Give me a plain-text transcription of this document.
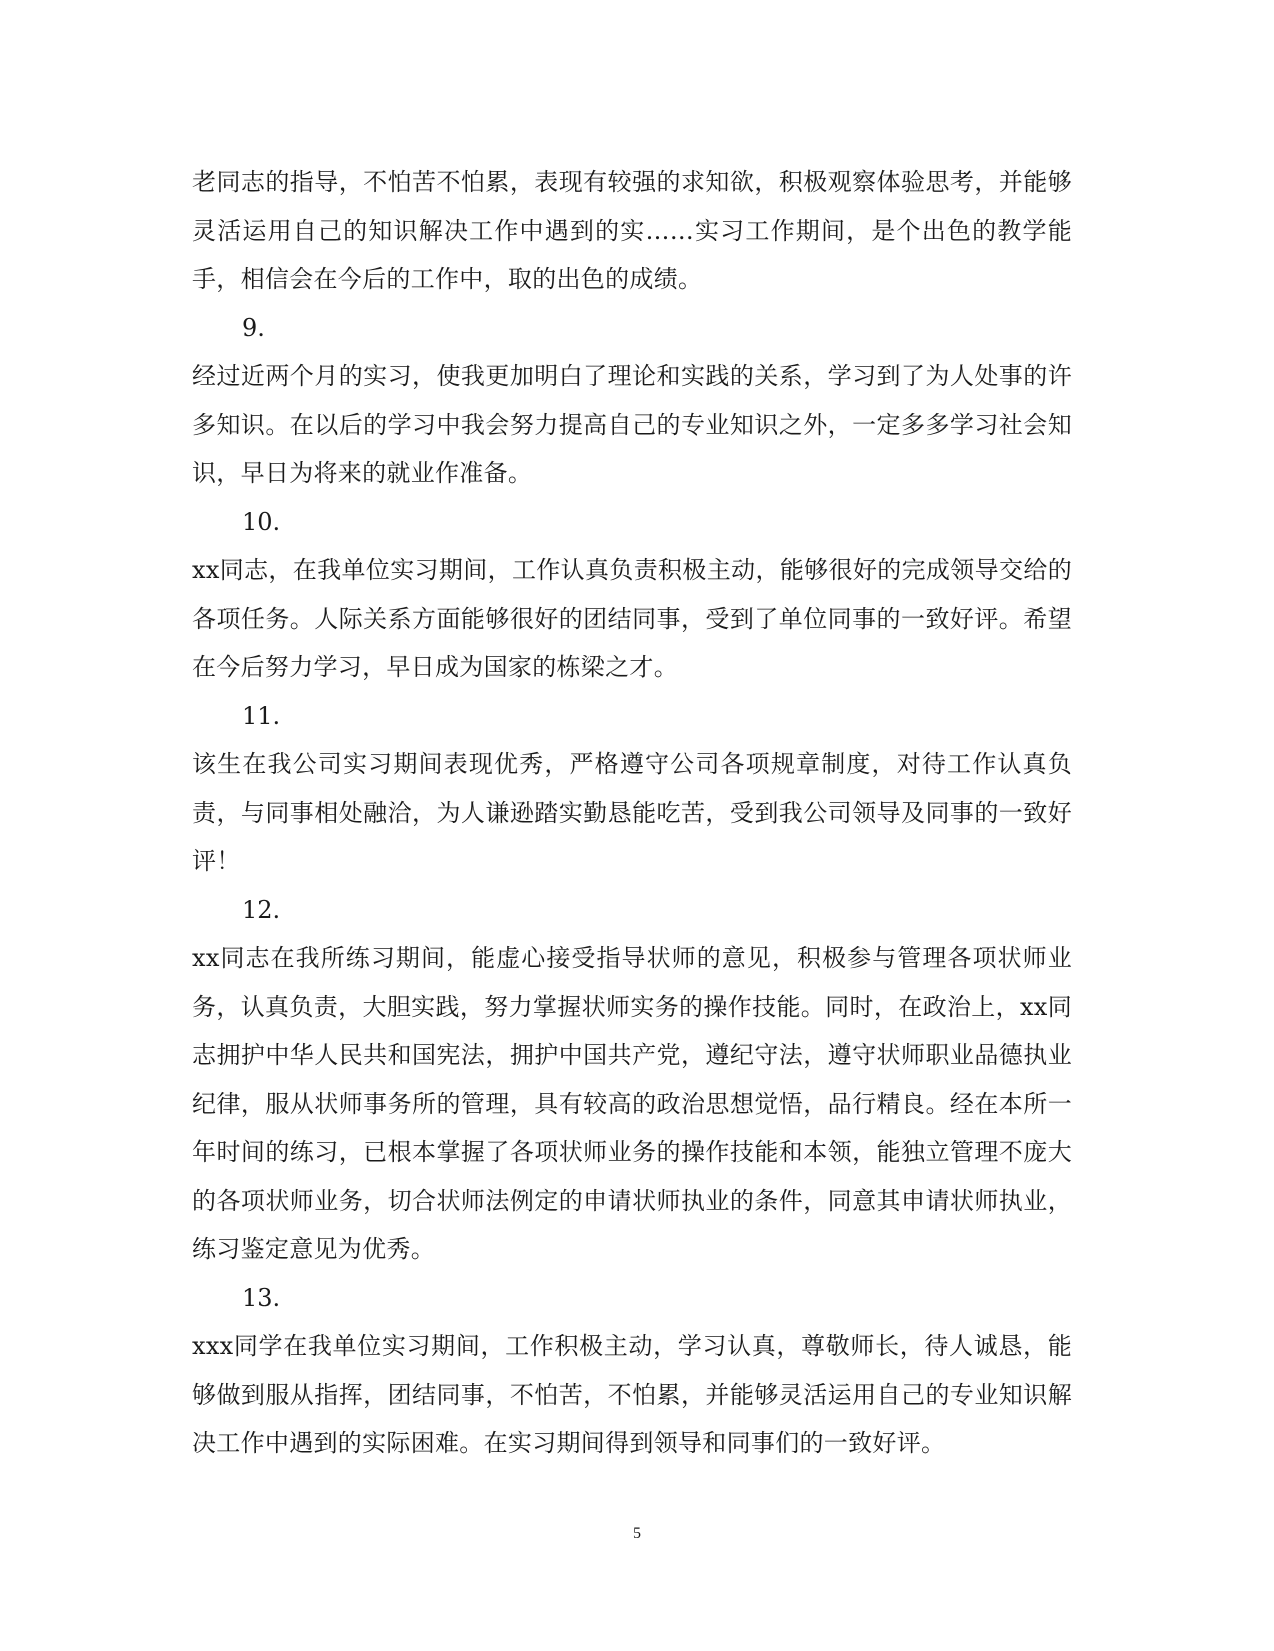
老同志的指导，不怕苦不怕累，表现有较强的求知欲，积极观察体验思考，并能够灵活运用自己的知识解决工作中遇到的实……实习工作期间，是个出色的教学能手，相信会在今后的工作中，取的出色的成绩。

9.

经过近两个月的实习，使我更加明白了理论和实践的关系，学习到了为人处事的许多知识。在以后的学习中我会努力提高自己的专业知识之外，一定多多学习社会知识，早日为将来的就业作准备。

10.

xx同志，在我单位实习期间，工作认真负责积极主动，能够很好的完成领导交给的各项任务。人际关系方面能够很好的团结同事，受到了单位同事的一致好评。希望在今后努力学习，早日成为国家的栋梁之才。

11.

该生在我公司实习期间表现优秀，严格遵守公司各项规章制度，对待工作认真负责，与同事相处融洽，为人谦逊踏实勤恳能吃苦，受到我公司领导及同事的一致好评！

12.

xx同志在我所练习期间，能虚心接受指导状师的意见，积极参与管理各项状师业务，认真负责，大胆实践，努力掌握状师实务的操作技能。同时，在政治上，xx同志拥护中华人民共和国宪法，拥护中国共产党，遵纪守法，遵守状师职业品德执业纪律，服从状师事务所的管理，具有较高的政治思想觉悟，品行精良。经在本所一年时间的练习，已根本掌握了各项状师业务的操作技能和本领，能独立管理不庞大的各项状师业务，切合状师法例定的申请状师执业的条件，同意其申请状师执业，练习鉴定意见为优秀。

13.

xxx同学在我单位实习期间，工作积极主动，学习认真，尊敬师长，待人诚恳，能够做到服从指挥，团结同事，不怕苦，不怕累，并能够灵活运用自己的专业知识解决工作中遇到的实际困难。在实习期间得到领导和同事们的一致好评。

5
